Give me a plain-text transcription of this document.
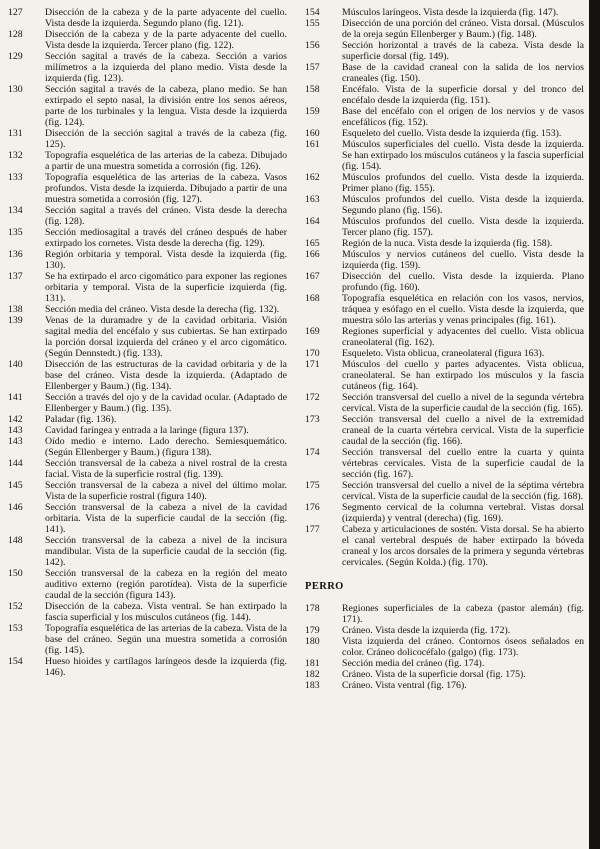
127	Disección de la cabeza y de la parte adyacente del cuello. Vista desde la izquierda. Segundo plano (fig. 121).
128	Disección de la cabeza y de la parte adyacente del cuello. Vista desde la izquierda. Tercer plano (fig. 122).
129	Sección sagital a través de la cabeza. Sección a varios milímetros a la izquierda del plano medio. Vista desde la izquierda (fig. 123).
130	Sección sagital a través de la cabeza, plano medio. Se han extirpado el septo nasal, la división entre los senos aéreos, parte de los turbinales y la lengua. Vista desde la izquierda (fig. 124).
131	Disección de la sección sagital a través de la cabeza (fig. 125).
132	Topografía esquelética de las arterias de la cabeza. Dibujado a partir de una muestra sometida a corrosión (fig. 126).
133	Topografía esquelética de las arterias de la cabeza. Vasos profundos. Vista desde la izquierda. Dibujado a partir de una muestra sometida a corrosión (fig. 127).
134	Sección sagital a través del cráneo. Vista desde la derecha (fig. 128).
135	Sección mediosagital a través del cráneo después de haber extirpado los cornetes. Vista desde la derecha (fig. 129).
136	Región orbitaria y temporal. Vista desde la izquierda (fig. 130).
137	Se ha extirpado el arco cigomático para exponer las regiones orbitaria y temporal. Vista de la superficie izquierda (fig. 131).
138	Sección media del cráneo. Vista desde la derecha (fig. 132).
139	Venas de la duramadre y de la cavidad orbitaria. Visión sagital media del encéfalo y sus cubiertas. Se han extirpado la porción dorsal izquierda del cráneo y el arco cigomático. (Según Dennstedt.) (fig. 133).
140	Disección de las estructuras de la cavidad orbitaria y de la base del cráneo. Vista desde la izquierda. (Adaptado de Ellenberger y Baum.) (fig. 134).
141	Sección a través del ojo y de la cavidad ocular. (Adaptado de Ellenberger y Baum.) (fig. 135).
142	Paladar (fig. 136).
143	Cavidad faríngea y entrada a la laringe (figura 137).
143	Oído medio e interno. Lado derecho. Semiesquemático. (Según Ellenberger y Baum.) (figura 138).
144	Sección transversal de la cabeza a nivel rostral de la cresta facial. Vista de la superficie rostral (fig. 139).
145	Sección transversal de la cabeza a nivel del último molar. Vista de la superficie rostral (figura 140).
146	Sección transversal de la cabeza a nivel de la cavidad orbitaria. Vista de la superficie caudal de la sección (fig. 141).
148	Sección transversal de la cabeza a nivel de la incisura mandibular. Vista de la superficie caudal de la sección (fig. 142).
150	Sección transversal de la cabeza en la región del meato auditivo externo (región parotídea). Vista de la superficie caudal de la sección (figura 143).
152	Disección de la cabeza. Vista ventral. Se han extirpado la fascia superficial y los músculos cutáneos (fig. 144).
153	Topografía esquelética de las arterias de la cabeza. Vista de la base del cráneo. Según una muestra sometida a corrosión (fig. 145).
154	Hueso hioides y cartílagos laríngeos desde la izquierda (fig. 146).
154	Músculos laríngeos. Vista desde la izquierda (fig. 147).
155	Disección de una porción del cráneo. Vista dorsal. (Músculos de la oreja según Ellenberger y Baum.) (fig. 148).
156	Sección horizontal a través de la cabeza. Vista desde la superficie dorsal (fig. 149).
157	Base de la cavidad craneal con la salida de los nervios craneales (fig. 150).
158	Encéfalo. Vista de la superficie dorsal y del tronco del encéfalo desde la izquierda (fig. 151).
159	Base del encéfalo con el origen de los nervios y de vasos encefálicos (fig. 152).
160	Esqueleto del cuello. Vista desde la izquierda (fig. 153).
161	Músculos superficiales del cuello. Vista desde la izquierda. Se han extirpado los músculos cutáneos y la fascia superficial (fig. 154).
162	Músculos profundos del cuello. Vista desde la izquierda. Primer plano (fig. 155).
163	Músculos profundos del cuello. Vista desde la izquierda. Segundo plano (fig. 156).
164	Músculos profundos del cuello. Vista desde la izquierda. Tercer plano (fig. 157).
165	Región de la nuca. Vista desde la izquierda (fig. 158).
166	Músculos y nervios cutáneos del cuello. Vista desde la izquierda (fig. 159).
167	Disección del cuello. Vista desde la izquierda. Plano profundo (fig. 160).
168	Topografía esquelética en relación con los vasos, nervios, tráquea y esófago en el cuello. Vista desde la izquierda, que muestra sólo las arterias y venas principales (fig. 161).
169	Regiones superficial y adyacentes del cuello. Vista oblicua craneolateral (fig. 162).
170	Esqueleto. Vista oblicua, craneolateral (figura 163).
171	Músculos del cuello y partes adyacentes. Vista oblicua, craneolateral. Se han extirpado los músculos y la fascia cutáneos (fig. 164).
172	Sección transversal del cuello a nivel de la segunda vértebra cervical. Vista de la superficie caudal de la sección (fig. 165).
173	Sección transversal del cuello a nivel de la extremidad craneal de la cuarta vértebra cervical. Vista de la superficie caudal de la sección (fig. 166).
174	Sección transversal del cuello entre la cuarta y quinta vértebras cervicales. Vista de la superficie caudal de la sección (fig. 167).
175	Sección transversal del cuello a nivel de la séptima vértebra cervical. Vista de la superficie caudal de la sección (fig. 168).
176	Segmento cervical de la columna vertebral. Vistas dorsal (izquierda) y ventral (derecha) (fig. 169).
177	Cabeza y articulaciones de sostén. Vista dorsal. Se ha abierto el canal vertebral después de haber extirpado la bóveda craneal y los arcos dorsales de la primera y segunda vértebras cervicales. (Según Kolda.) (fig. 170).
PERRO
178	Regiones superficiales de la cabeza (pastor alemán) (fig. 171).
179	Cráneo. Vista desde la izquierda (fig. 172).
180	Vista izquierda del cráneo. Contornos óseos señalados en color. Cráneo dolicocéfalo (galgo) (fig. 173).
181	Sección media del cráneo (fig. 174).
182	Cráneo. Vista de la superficie dorsal (fig. 175).
183	Cráneo. Vista ventral (fig. 176).
